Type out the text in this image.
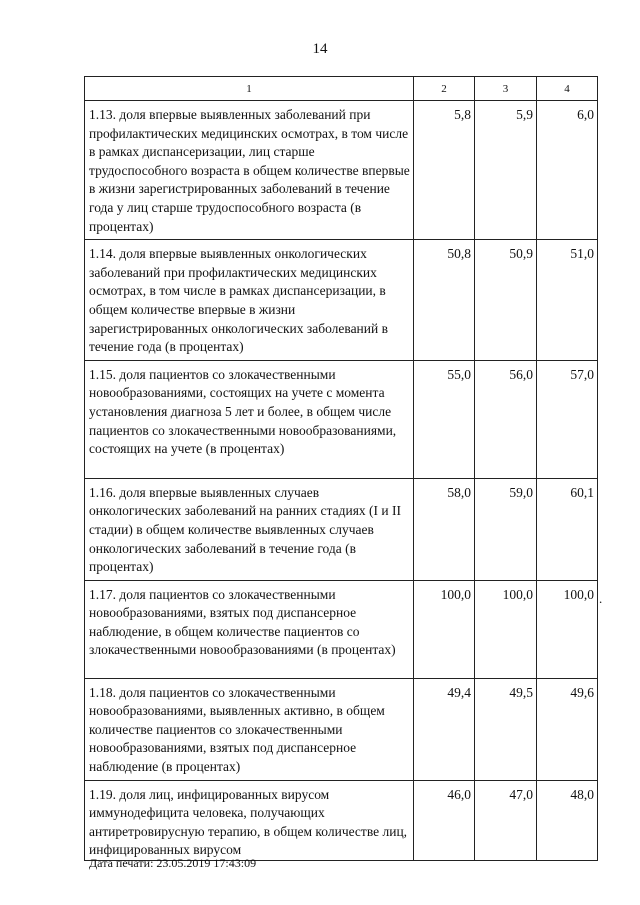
14
1	2	3	4
1.13. доля впервые выявленных заболеваний при профилактических медицинских осмотрах, в том числе в рамках диспансеризации, лиц старше трудоспособного возраста в общем количестве впервые в жизни зарегистрированных заболеваний в течение года у лиц старше трудоспособного возраста (в процентах)	5,8	5,9	6,0
1.14. доля впервые выявленных онкологических заболеваний при профилактических медицинских осмотрах, в том числе в рамках диспансеризации, в общем количестве впервые в жизни зарегистрированных онкологических заболеваний в течение года (в процентах)	50,8	50,9	51,0
1.15. доля пациентов со злокачественными новообразованиями, состоящих на учете с момента установления диагноза 5 лет и более, в общем числе пациентов со злокачественными новообразованиями, состоящих на учете (в процентах)	55,0	56,0	57,0
1.16. доля впервые выявленных случаев онкологических заболеваний на ранних стадиях (I и II стадии) в общем количестве выявленных случаев онкологических заболеваний в течение года (в процентах)	58,0	59,0	60,1
1.17. доля пациентов со злокачественными новообразованиями, взятых под диспансерное наблюдение, в общем количестве пациентов со злокачественными новообразованиями (в процентах)	100,0	100,0	100,0
1.18. доля пациентов со злокачественными новообразованиями, выявленных активно, в общем количестве пациентов со злокачественными новообразованиями, взятых под диспансерное наблюдение (в процентах)	49,4	49,5	49,6
1.19. доля лиц, инфицированных вирусом иммунодефицита человека, получающих антиретровирусную терапию, в общем количестве лиц, инфицированных вирусом	46,0	47,0	48,0
.
Дата печати: 23.05.2019 17:43:09
